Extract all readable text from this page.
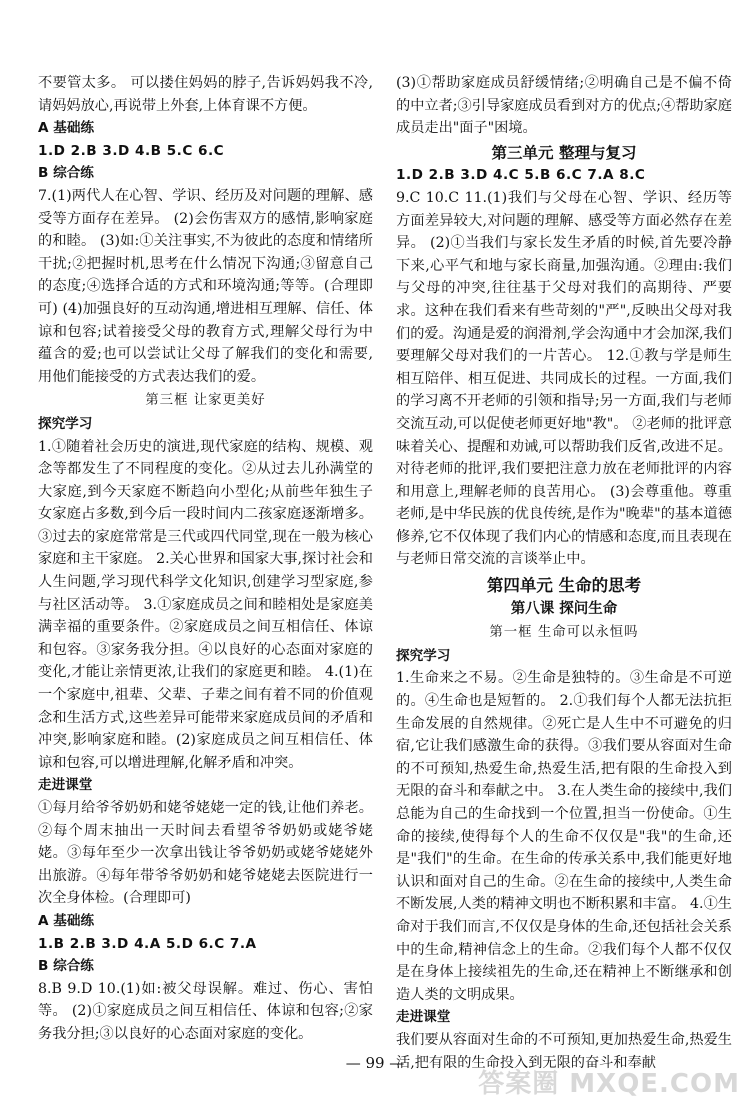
不要管太多。 可以搂住妈妈的脖子,告诉妈妈我不冷,请妈妈放心,再说带上外套,上体育课不方便。

A 基础练

1.D 2.B 3.D 4.B 5.C 6.C

B 综合练

7.(1)两代人在心智、学识、经历及对问题的理解、感受等方面存在差异。 (2)会伤害双方的感情,影响家庭的和睦。 (3)如:①关注事实,不为彼此的态度和情绪所干扰;②把握时机,思考在什么情况下沟通;③留意自己的态度;④选择合适的方式和环境沟通;等等。(合理即可) (4)加强良好的互动沟通,增进相互理解、信任、体谅和包容;试着接受父母的教育方式,理解父母行为中蕴含的爱;也可以尝试让父母了解我们的变化和需要,用他们能接受的方式表达我们的爱。

第三框 让家更美好

探究学习

1.①随着社会历史的演进,现代家庭的结构、规模、观念等都发生了不同程度的变化。②从过去儿孙满堂的大家庭,到今天家庭不断趋向小型化;从前些年独生子女家庭占多数,到今后一段时间内二孩家庭逐渐增多。③过去的家庭常常是三代或四代同堂,现在一般为核心家庭和主干家庭。 2.关心世界和国家大事,探讨社会和人生问题,学习现代科学文化知识,创建学习型家庭,参与社区活动等。 3.①家庭成员之间和睦相处是家庭美满幸福的重要条件。②家庭成员之间互相信任、体谅和包容。③家务我分担。④以良好的心态面对家庭的变化,才能让亲情更浓,让我们的家庭更和睦。 4.(1)在一个家庭中,祖辈、父辈、子辈之间有着不同的价值观念和生活方式,这些差异可能带来家庭成员间的矛盾和冲突,影响家庭和睦。(2)家庭成员之间互相信任、体谅和包容,可以增进理解,化解矛盾和冲突。

走进课堂

①每月给爷爷奶奶和姥爷姥姥一定的钱,让他们养老。②每个周末抽出一天时间去看望爷爷奶奶或姥爷姥姥。③每年至少一次拿出钱让爷爷奶奶或姥爷姥姥外出旅游。④每年带爷爷奶奶和姥爷姥姥去医院进行一次全身体检。(合理即可)

A 基础练

1.B 2.B 3.D 4.A 5.D 6.C 7.A

B 综合练

8.B 9.D 10.(1)如:被父母误解。难过、伤心、害怕等。 (2)①家庭成员之间互相信任、体谅和包容;②家务我分担;③以良好的心态面对家庭的变化。

(3)①帮助家庭成员舒缓情绪;②明确自己是不偏不倚的中立者;③引导家庭成员看到对方的优点;④帮助家庭成员走出"面子"困境。

第三单元 整理与复习

1.D 2.B 3.D 4.C 5.B 6.C 7.A 8.C

9.C 10.C 11.(1)我们与父母在心智、学识、经历等方面差异较大,对问题的理解、感受等方面必然存在差异。 (2)①当我们与家长发生矛盾的时候,首先要冷静下来,心平气和地与家长商量,加强沟通。②理由:我们与父母的冲突,往往基于父母对我们的高期待、严要求。这种在我们看来有些苛刻的"严",反映出父母对我们的爱。沟通是爱的润滑剂,学会沟通中才会加深,我们要理解父母对我们的一片苦心。 12.①教与学是师生相互陪伴、相互促进、共同成长的过程。一方面,我们的学习离不开老师的引领和指导;另一方面,我们与老师交流互动,可以促使老师更好地"教"。 ②老师的批评意味着关心、提醒和劝诫,可以帮助我们反省,改进不足。对待老师的批评,我们要把注意力放在老师批评的内容和用意上,理解老师的良苦用心。 (3)会尊重他。尊重老师,是中华民族的优良传统,是作为"晚辈"的基本道德修养,它不仅体现了我们内心的情感和态度,而且表现在与老师日常交流的言谈举止中。

第四单元 生命的思考

第八课 探问生命

第一框 生命可以永恒吗

探究学习

1.生命来之不易。②生命是独特的。③生命是不可逆的。④生命也是短暂的。 2.①我们每个人都无法抗拒生命发展的自然规律。②死亡是人生中不可避免的归宿,它让我们感激生命的获得。③我们要从容面对生命的不可预知,热爱生命,热爱生活,把有限的生命投入到无限的奋斗和奉献之中。 3.在人类生命的接续中,我们总能为自己的生命找到一个位置,担当一份使命。①生命的接续,使得每个人的生命不仅仅是"我"的生命,还是"我们"的生命。在生命的传承关系中,我们能更好地认识和面对自己的生命。②在生命的接续中,人类生命不断发展,人类的精神文明也不断积累和丰富。 4.①生命对于我们而言,不仅仅是身体的生命,还包括社会关系中的生命,精神信念上的生命。②我们每个人都不仅仅是在身体上接续祖先的生命,还在精神上不断继承和创造人类的文明成果。

走进课堂

我们要从容面对生命的不可预知,更加热爱生命,热爱生活,把有限的生命投入到无限的奋斗和奉献

— 99 —
答案圈 MXQE.COM
